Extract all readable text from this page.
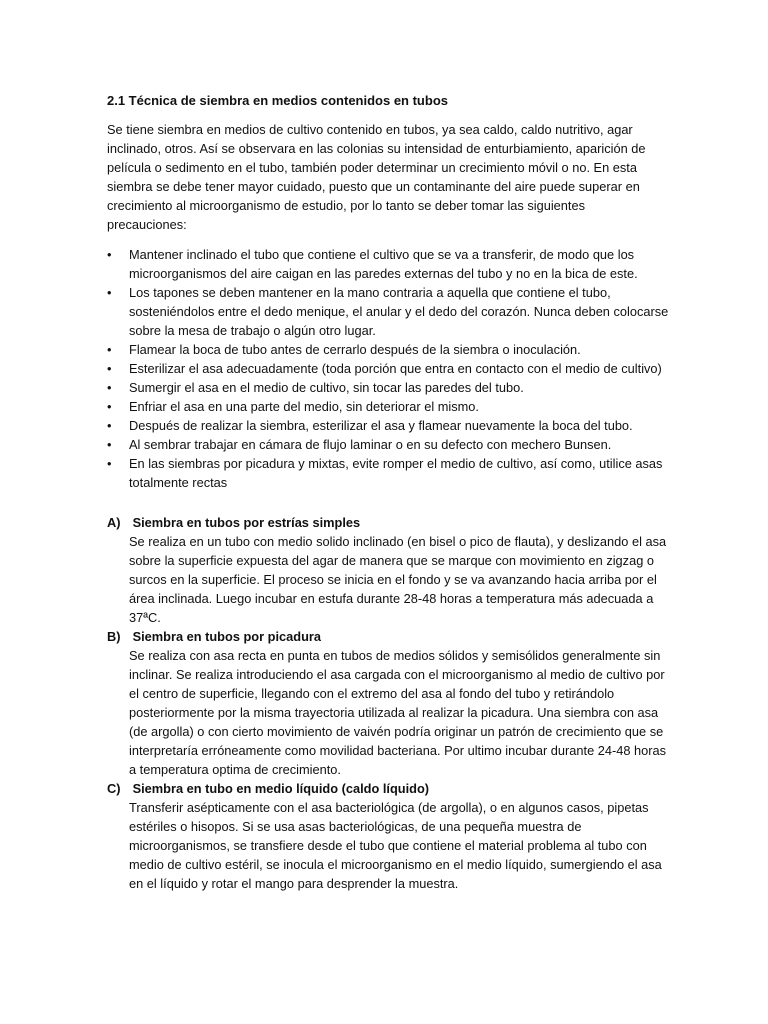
2.1 Técnica de siembra en medios contenidos en tubos

Se tiene siembra en medios de cultivo contenido en tubos, ya sea caldo, caldo nutritivo, agar inclinado, otros. Así se observara en las colonias su intensidad de enturbiamiento, aparición de película o sedimento en el tubo, también poder determinar un crecimiento móvil o no. En esta siembra se debe tener mayor cuidado, puesto que un contaminante del aire puede superar en crecimiento al microorganismo de estudio, por lo tanto se deber tomar las siguientes precauciones:

• Mantener inclinado el tubo que contiene el cultivo que se va a transferir, de modo que los microorganismos del aire caigan en las paredes externas del tubo y no en la bica de este.
• Los tapones se deben mantener en la mano contraria a aquella que contiene el tubo, sosteniéndolos entre el dedo menique, el anular y el dedo del corazón. Nunca deben colocarse sobre la mesa de trabajo o algún otro lugar.
• Flamear la boca de tubo antes de cerrarlo después de la siembra o inoculación.
• Esterilizar el asa adecuadamente (toda porción que entra en contacto con el medio de cultivo)
• Sumergir el asa en el medio de cultivo, sin tocar las paredes del tubo.
• Enfriar el asa en una parte del medio, sin deteriorar el mismo.
• Después de realizar la siembra, esterilizar el asa y flamear nuevamente la boca del tubo.
• Al sembrar trabajar en cámara de flujo laminar o en su defecto con mechero Bunsen.
• En las siembras por picadura y mixtas, evite romper el medio de cultivo, así como, utilice asas totalmente rectas

A) Siembra en tubos por estrías simples

Se realiza en un tubo con medio solido inclinado (en bisel o pico de flauta), y deslizando el asa sobre la superficie expuesta del agar de manera que se marque con movimiento en zigzag o surcos en la superficie. El proceso se inicia en el fondo y se va avanzando hacia arriba por el área inclinada. Luego incubar en estufa durante 28-48 horas a temperatura más adecuada a 37ªC.

B) Siembra en tubos por picadura

Se realiza con asa recta en punta en tubos de medios sólidos y semisólidos generalmente sin inclinar. Se realiza introduciendo el asa cargada con el microorganismo al medio de cultivo por el centro de superficie, llegando con el extremo del asa al fondo del tubo y retirándolo posteriormente por la misma trayectoria utilizada al realizar la picadura. Una siembra con asa (de argolla) o con cierto movimiento de vaivén podría originar un patrón de crecimiento que se interpretaría erróneamente como movilidad bacteriana. Por ultimo incubar durante 24-48 horas a temperatura optima de crecimiento.

C) Siembra en tubo en medio líquido (caldo líquido)

Transferir asépticamente con el asa bacteriológica (de argolla), o en algunos casos, pipetas estériles o hisopos. Si se usa asas bacteriológicas, de una pequeña muestra de microorganismos, se transfiere desde el tubo que contiene el material problema al tubo con medio de cultivo estéril, se inocula el microorganismo en el medio líquido, sumergiendo el asa en el líquido y rotar el mango para desprender la muestra.
